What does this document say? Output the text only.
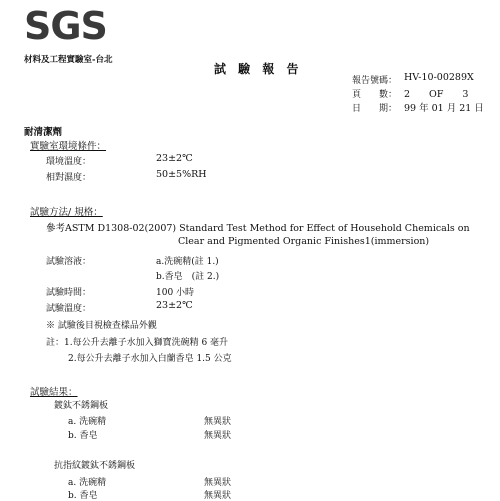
SGS
材料及工程實驗室-台北
試 驗 報 告
報告號碼： HV-10-00289X
頁　　數： 2　　OF　　3
日　　期： 99 年 01 月 21 日
耐清潔劑
實驗室環境條件：
環境溫度：	23±2℃
相對濕度：	50±5%RH
試驗方法/ 規格：
參考ASTM D1308-02(2007) Standard Test Method for Effect of Household Chemicals on
Clear and Pigmented Organic Finishes1(immersion)
試驗溶液：	a.洗碗精(註 1.)
b.香皂　(註 2.)
試驗時間：	100 小時
試驗溫度：	23±2℃
※ 試驗後目視檢查樣品外觀
註：1.每公升去離子水加入獅寶洗碗精 6 毫升
2.每公升去離子水加入白蘭香皂 1.5 公克
試驗結果：
鍍鈦不銹鋼板
a. 洗碗精	無異狀
b. 香皂	無異狀
抗指紋鍍鈦不銹鋼板
a. 洗碗精	無異狀
b. 香皂	無異狀
